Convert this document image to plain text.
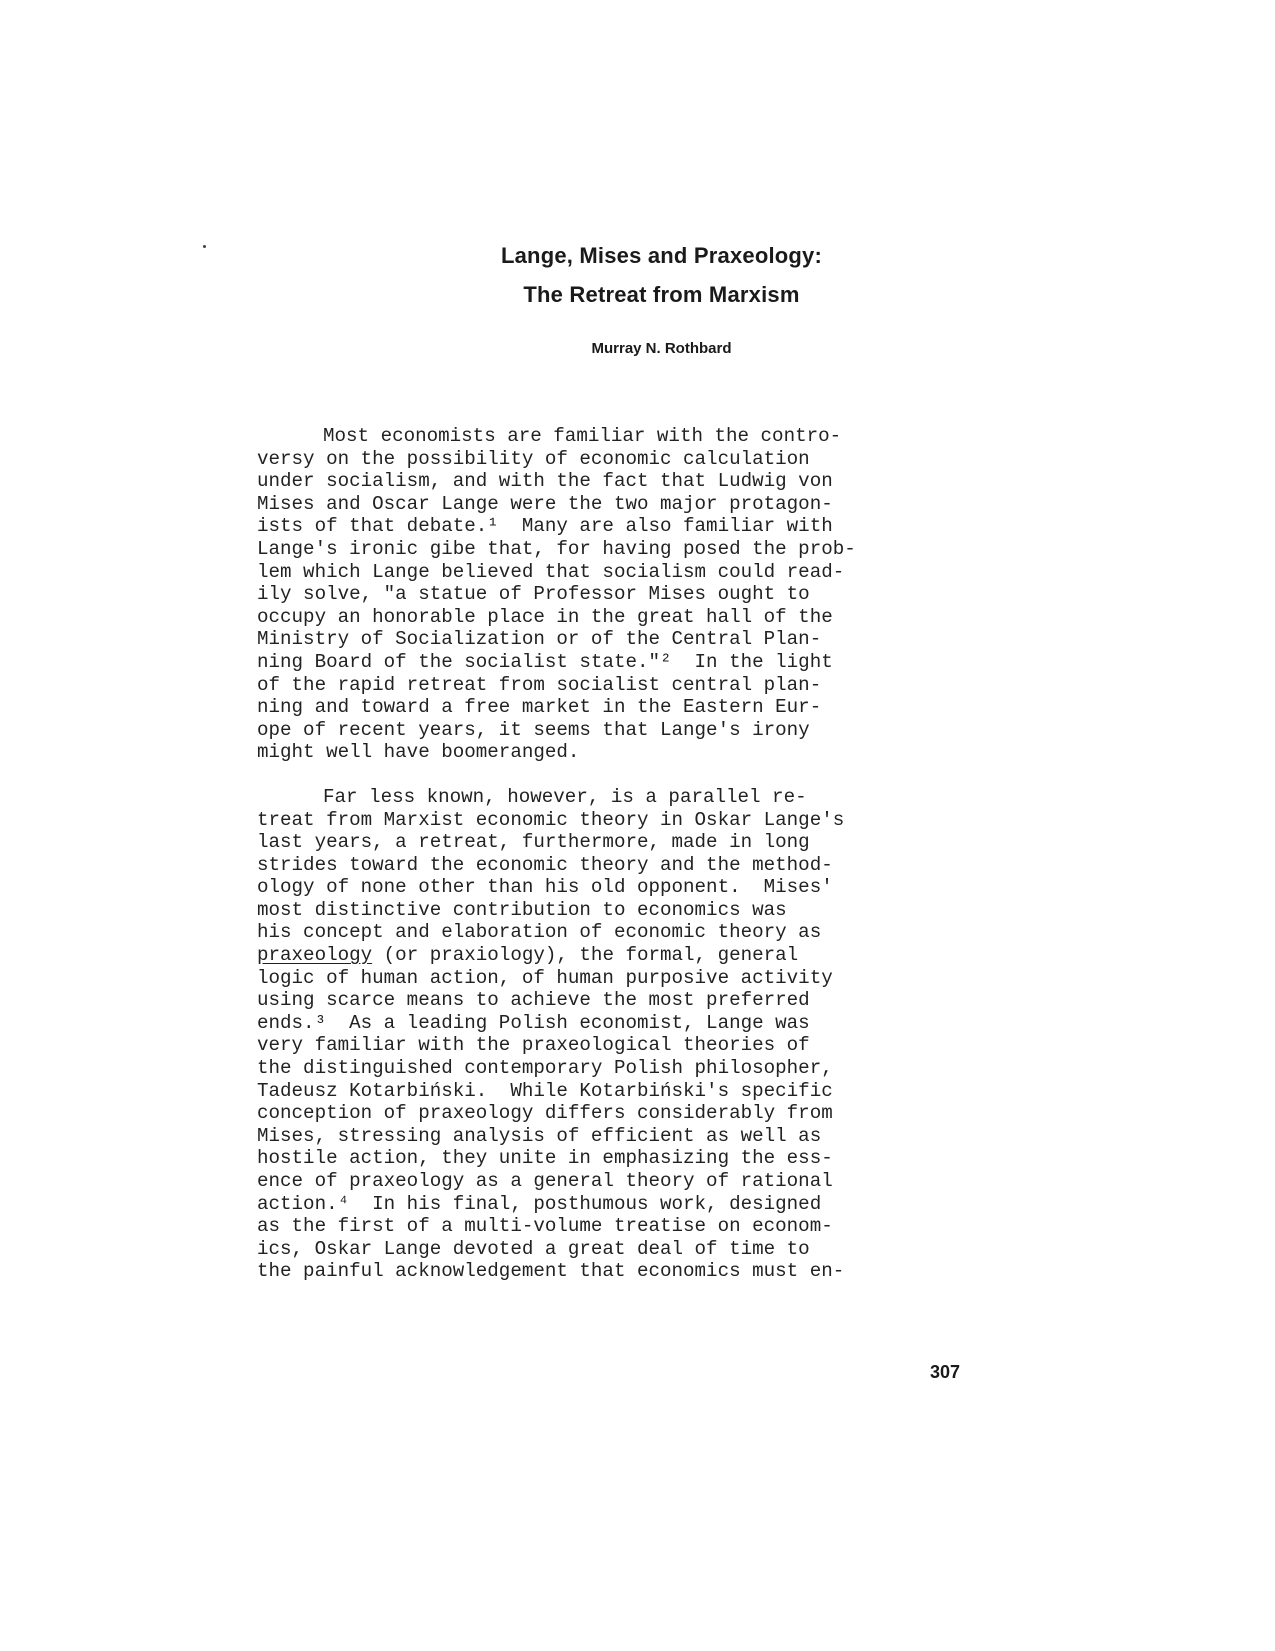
Lange, Mises and Praxeology:
The Retreat from Marxism
Murray N. Rothbard
Most economists are familiar with the contro-
versy on the possibility of economic calculation
under socialism, and with the fact that Ludwig von
Mises and Oscar Lange were the two major protagon-
ists of that debate.¹  Many are also familiar with
Lange's ironic gibe that, for having posed the prob-
lem which Lange believed that socialism could read-
ily solve, "a statue of Professor Mises ought to
occupy an honorable place in the great hall of the
Ministry of Socialization or of the Central Plan-
ning Board of the socialist state."²  In the light
of the rapid retreat from socialist central plan-
ning and toward a free market in the Eastern Eur-
ope of recent years, it seems that Lange's irony
might well have boomeranged.
Far less known, however, is a parallel re-
treat from Marxist economic theory in Oskar Lange's
last years, a retreat, furthermore, made in long
strides toward the economic theory and the method-
ology of none other than his old opponent.  Mises'
most distinctive contribution to economics was
his concept and elaboration of economic theory as
praxeology (or praxiology), the formal, general
logic of human action, of human purposive activity
using scarce means to achieve the most preferred
ends.³  As a leading Polish economist, Lange was
very familiar with the praxeological theories of
the distinguished contemporary Polish philosopher,
Tadeusz Kotarbiński.  While Kotarbiński's specific
conception of praxeology differs considerably from
Mises, stressing analysis of efficient as well as
hostile action, they unite in emphasizing the ess-
ence of praxeology as a general theory of rational
action.⁴  In his final, posthumous work, designed
as the first of a multi-volume treatise on econom-
ics, Oskar Lange devoted a great deal of time to
the painful acknowledgement that economics must en-
307
